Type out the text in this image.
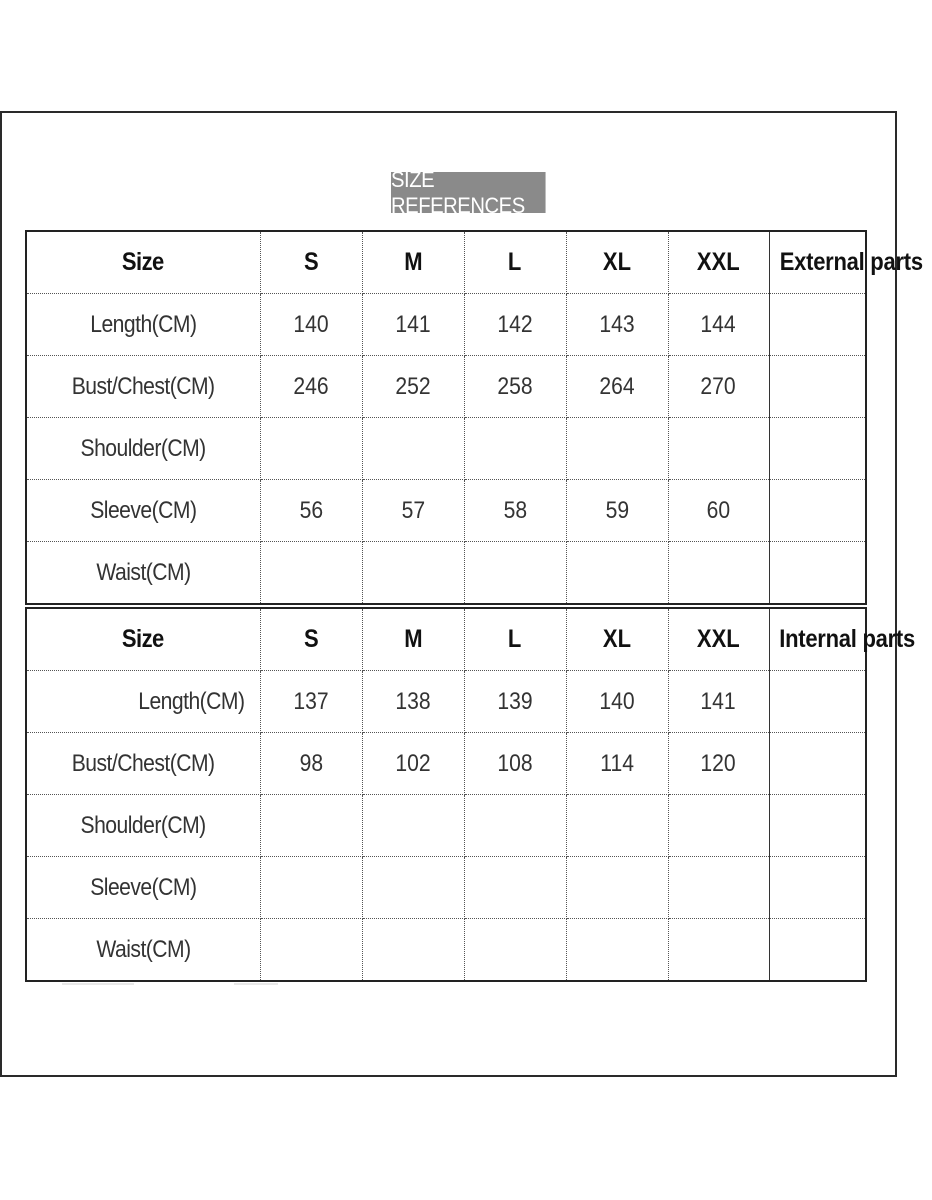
SIZE REFERENCES
Size	S	M	L	XL	XXL	External parts
Length(CM)	140	141	142	143	144	
Bust/Chest(CM)	246	252	258	264	270	
Shoulder(CM)						
Sleeve(CM)	56	57	58	59	60	
Waist(CM)						
Size	S	M	L	XL	XXL	Internal parts
Length(CM)	137	138	139	140	141	
Bust/Chest(CM)	98	102	108	114	120	
Shoulder(CM)						
Sleeve(CM)						
Waist(CM)						
